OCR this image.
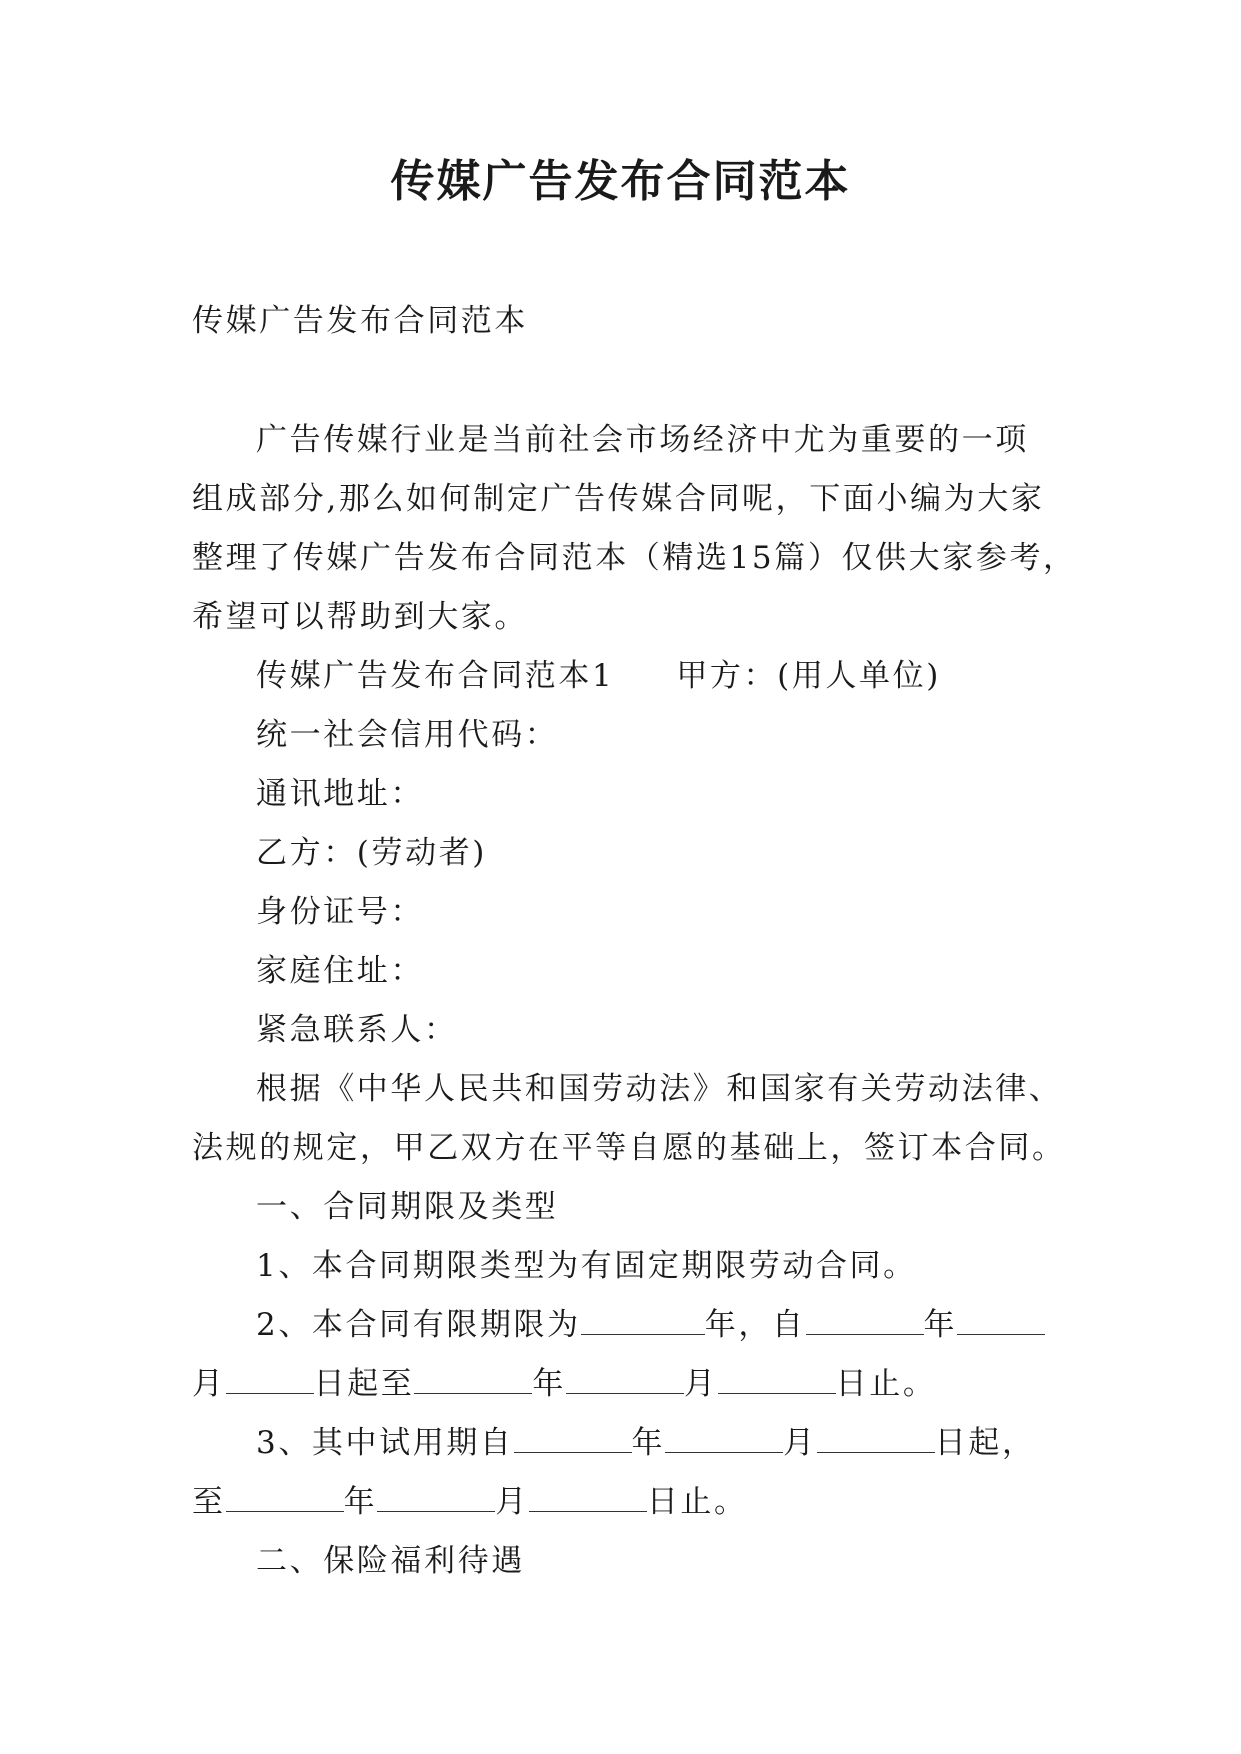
传媒广告发布合同范本

传媒广告发布合同范本

广告传媒行业是当前社会市场经济中尤为重要的一项

组成部分,那么如何制定广告传媒合同呢，下面小编为大家

整理了传媒广告发布合同范本（精选15篇）仅供大家参考，

希望可以帮助到大家。

传媒广告发布合同范本1 甲方：(用人单位)

统一社会信用代码：

通讯地址：

乙方：(劳动者)

身份证号：

家庭住址：

紧急联系人：

根据《中华人民共和国劳动法》和国家有关劳动法律、

法规的规定，甲乙双方在平等自愿的基础上，签订本合同。

一、合同期限及类型

1、本合同期限类型为有固定期限劳动合同。

2、本合同有限期限为	年，自	年

月	日起至	年	月	日止。

3、其中试用期自	年	月	日起，

至	年	月	日止。

二、保险福利待遇
